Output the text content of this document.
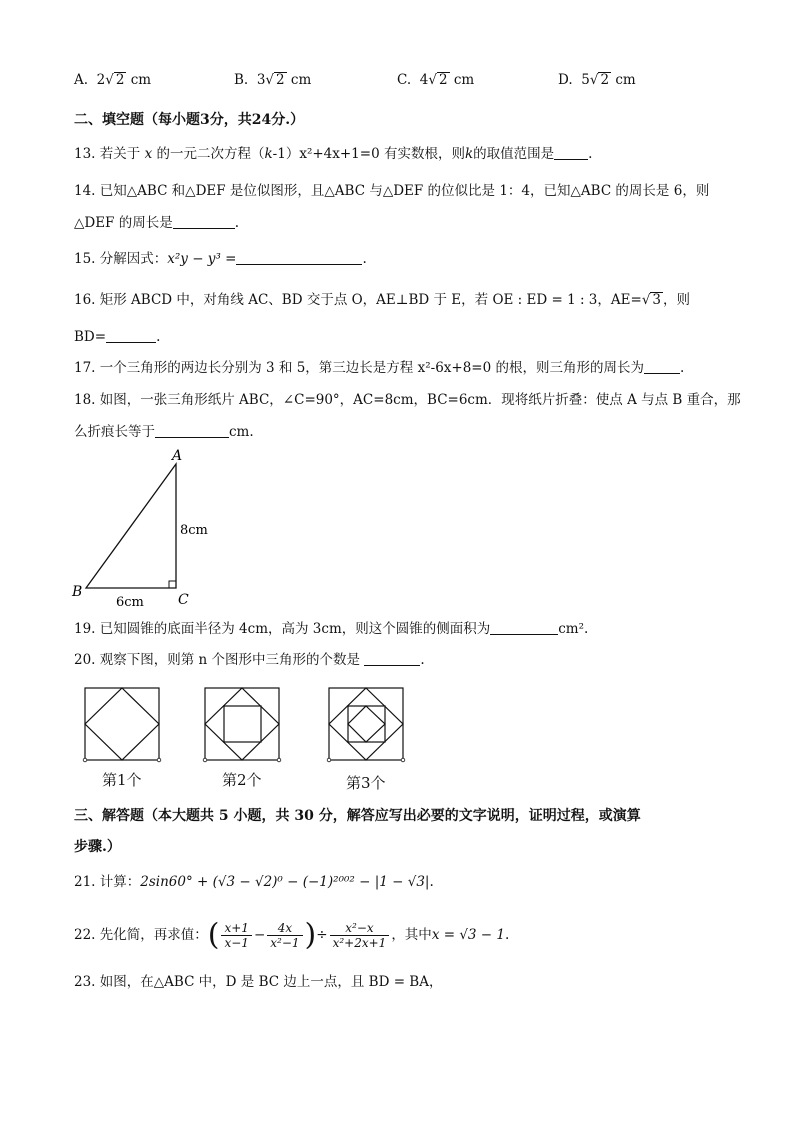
A. 2√ 2 cm	B. 3√ 2 cm	C. 4√ 2 cm	D. 5√ 2 cm
二、填空题（每小题3分，共24分.）
13. 若关于 x 的一元二次方程（k-1）x²+4x+1=0 有实数根，则k的取值范围是	.
14. 已知△ABC 和△DEF 是位似图形，且△ABC 与△DEF 的位似比是 1：4，已知△ABC 的周长是 6，则
△DEF 的周长是	.
15. 分解因式：x²y − y³ =	.
16. 矩形 ABCD 中，对角线 AC、BD 交于点 O，AE⊥BD 于 E，若 OE : ED = 1 : 3，AE=√ 3 ，则
BD=	.
17. 一个三角形的两边长分别为 3 和 5，第三边长是方程 x²-6x+8=0 的根，则三角形的周长为	.
18. 如图，一张三角形纸片 ABC，∠C=90°，AC=8cm，BC=6cm．现将纸片折叠：使点 A 与点 B 重合，那
么折痕长等于	cm.
A
B	C
8cm
6cm
19. 已知圆锥的底面半径为 4cm，高为 3cm，则这个圆锥的侧面积为	cm².
20. 观察下图，则第 n 个图形中三角形的个数是	.
第1个	第2个	第3个
三、解答题（本大题共 5 小题，共 30 分，解答应写出必要的文字说明，证明过程，或演算
步骤.）
21. 计算：2sin60° + (√3 − √2)⁰ − (−1)²⁰⁰² − |1 − √3|.
22. 先化简，再求值：( $\frac{x+1}{x-1} - \frac{4x}{\text{x²−1}}$ )÷ $\frac{\text{x²−x}}{\text{x²+2x+1}}$ ，其中x = √3 − 1.
23. 如图，在△ABC 中，D 是 BC 边上一点，且 BD = BA，
